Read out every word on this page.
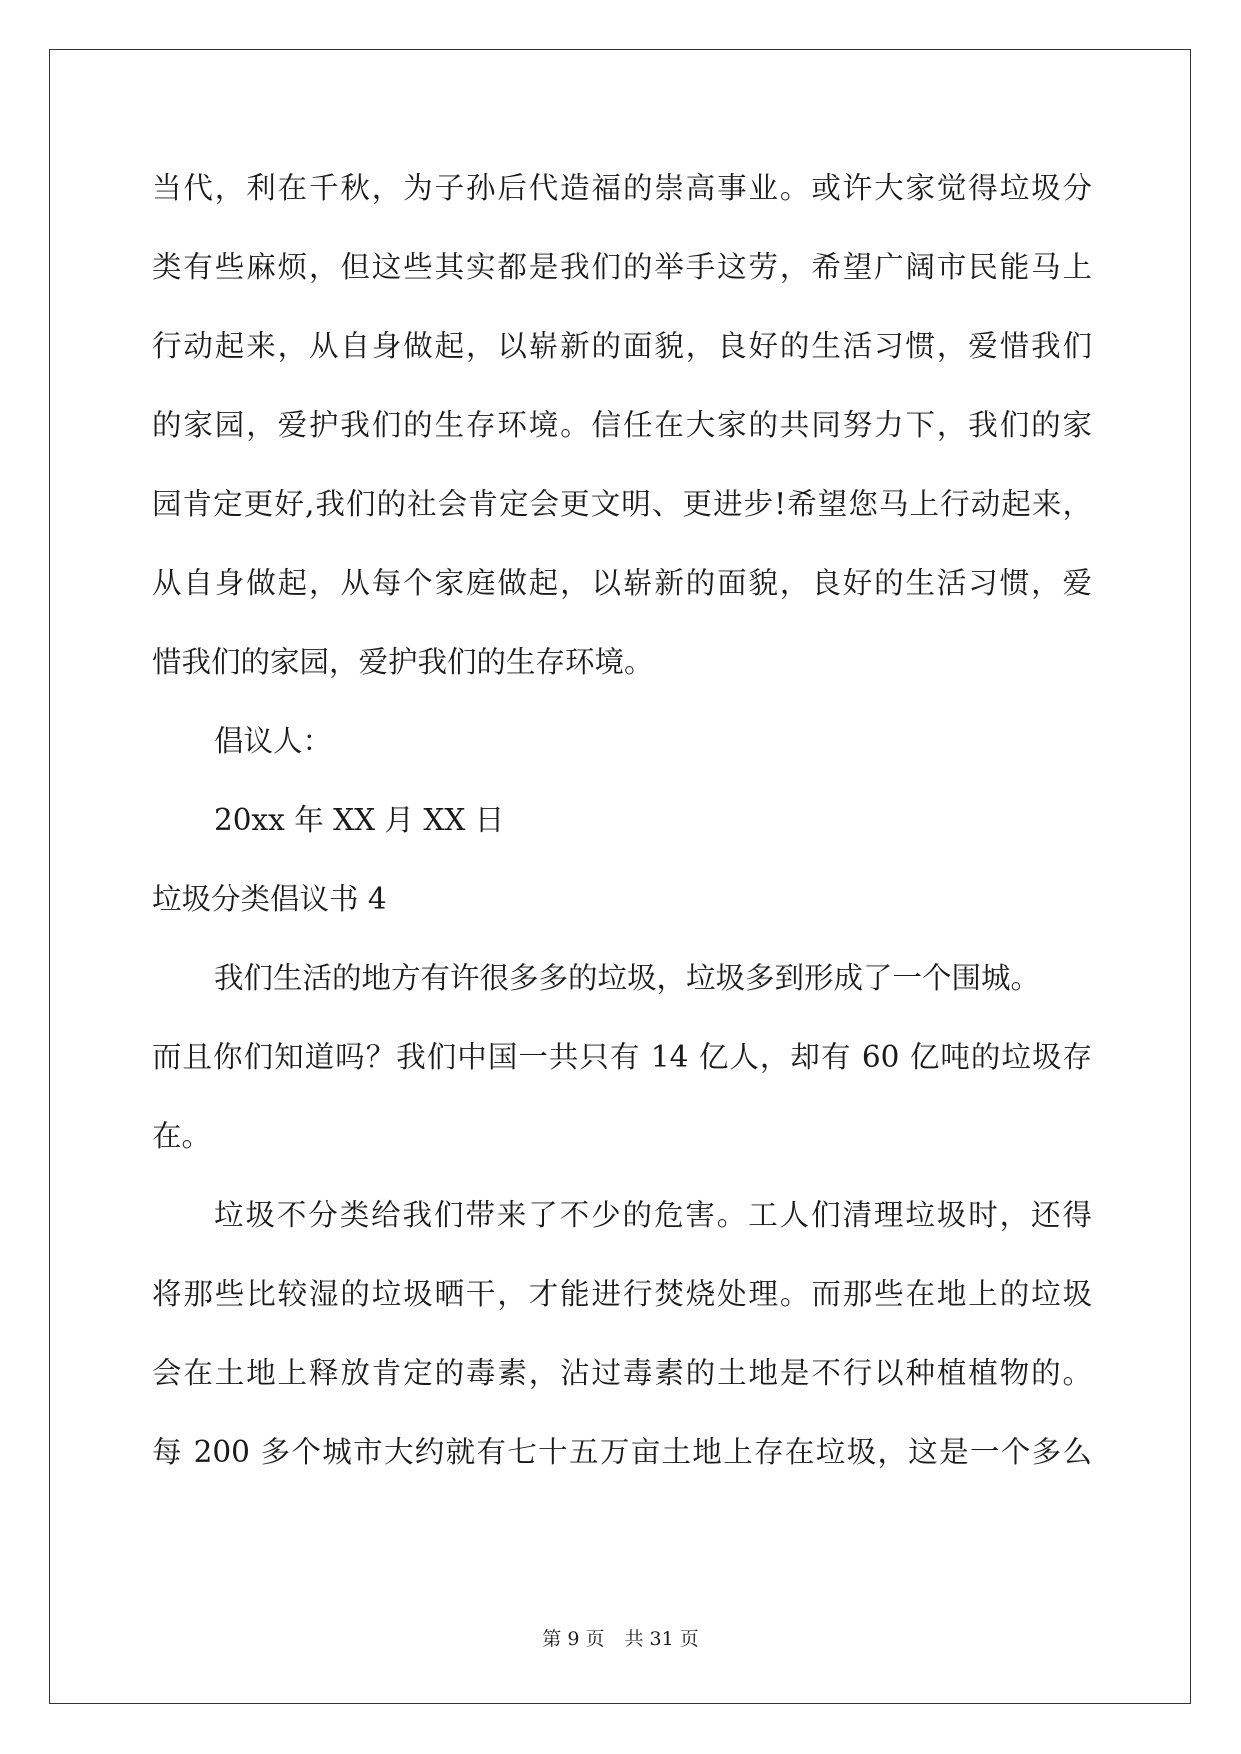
当代，利在千秋，为子孙后代造福的崇高事业。或许大家觉得垃圾分
类有些麻烦，但这些其实都是我们的举手这劳，希望广阔市民能马上
行动起来，从自身做起，以崭新的面貌，良好的生活习惯，爱惜我们
的家园，爱护我们的生存环境。信任在大家的共同努力下，我们的家
园肯定更好,我们的社会肯定会更文明、更进步!希望您马上行动起来，
从自身做起，从每个家庭做起，以崭新的面貌，良好的生活习惯，爱
惜我们的家园，爱护我们的生存环境。
倡议人：
20xx 年 XX 月 XX 日
垃圾分类倡议书 4
我们生活的地方有许很多多的垃圾，垃圾多到形成了一个围城。
而且你们知道吗？我们中国一共只有 14 亿人，却有 60 亿吨的垃圾存
在。
垃圾不分类给我们带来了不少的危害。工人们清理垃圾时，还得
将那些比较湿的垃圾晒干，才能进行焚烧处理。而那些在地上的垃圾
会在土地上释放肯定的毒素，沾过毒素的土地是不行以种植植物的。
每 200 多个城市大约就有七十五万亩土地上存在垃圾，这是一个多么
第 9 页 共 31 页
